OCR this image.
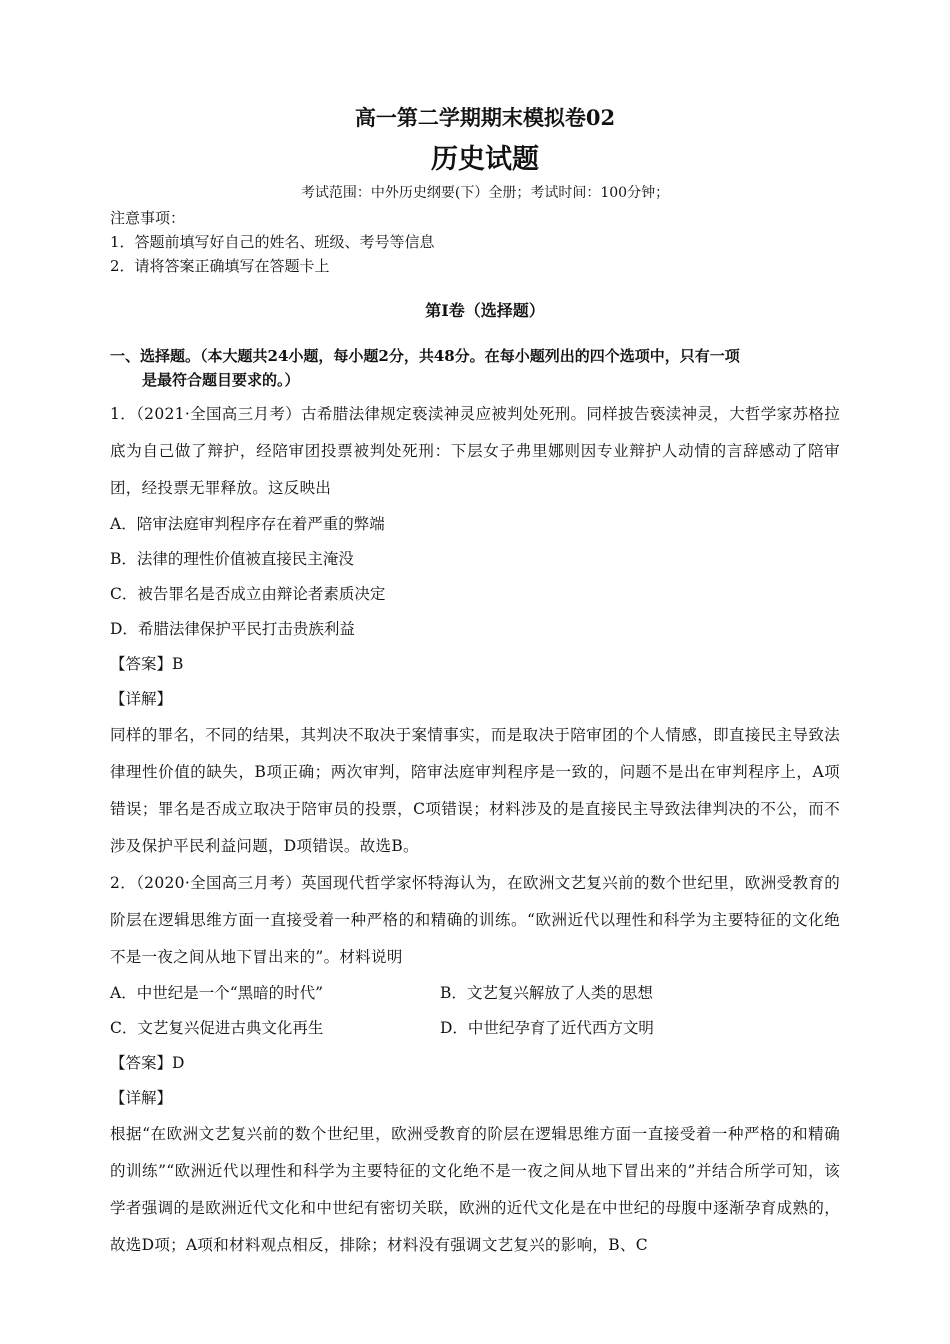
高一第二学期期末模拟卷02
历史试题
考试范围：中外历史纲要(下）全册；考试时间：100分钟；
注意事项：
1．答题前填写好自己的姓名、班级、考号等信息
2．请将答案正确填写在答题卡上
第Ⅰ卷（选择题）
一、选择题。（本大题共24小题，每小题2分，共48分。在每小题列出的四个选项中，只有一项
是最符合题目要求的。）
1．（2021·全国高三月考）古希腊法律规定亵渎神灵应被判处死刑。同样披告亵渎神灵，大哲学家苏格拉底为自己做了辩护，经陪审团投票被判处死刑：下层女子弗里娜则因专业辩护人动情的言辞感动了陪审团，经投票无罪释放。这反映出
A．陪审法庭审判程序存在着严重的弊端
B．法律的理性价值被直接民主淹没
C．被告罪名是否成立由辩论者素质决定
D．希腊法律保护平民打击贵族利益
【答案】B
【详解】
同样的罪名，不同的结果，其判决不取决于案情事实，而是取决于陪审团的个人情感，即直接民主导致法律理性价值的缺失，B项正确；两次审判，陪审法庭审判程序是一致的，问题不是出在审判程序上，A项错误；罪名是否成立取决于陪审员的投票，C项错误；材料涉及的是直接民主导致法律判决的不公，而不涉及保护平民利益问题，D项错误。故选B。
2．（2020·全国高三月考）英国现代哲学家怀特海认为，在欧洲文艺复兴前的数个世纪里，欧洲受教育的阶层在逻辑思维方面一直接受着一种严格的和精确的训练。“欧洲近代以理性和科学为主要特征的文化绝不是一夜之间从地下冒出来的”。材料说明
A．中世纪是一个“黑暗的时代”	B．文艺复兴解放了人类的思想
C．文艺复兴促进古典文化再生	D．中世纪孕育了近代西方文明
【答案】D
【详解】
根据“在欧洲文艺复兴前的数个世纪里，欧洲受教育的阶层在逻辑思维方面一直接受着一种严格的和精确的训练”“欧洲近代以理性和科学为主要特征的文化绝不是一夜之间从地下冒出来的”并结合所学可知，该学者强调的是欧洲近代文化和中世纪有密切关联，欧洲的近代文化是在中世纪的母腹中逐渐孕育成熟的，故选D项；A项和材料观点相反，排除；材料没有强调文艺复兴的影响，B、C
